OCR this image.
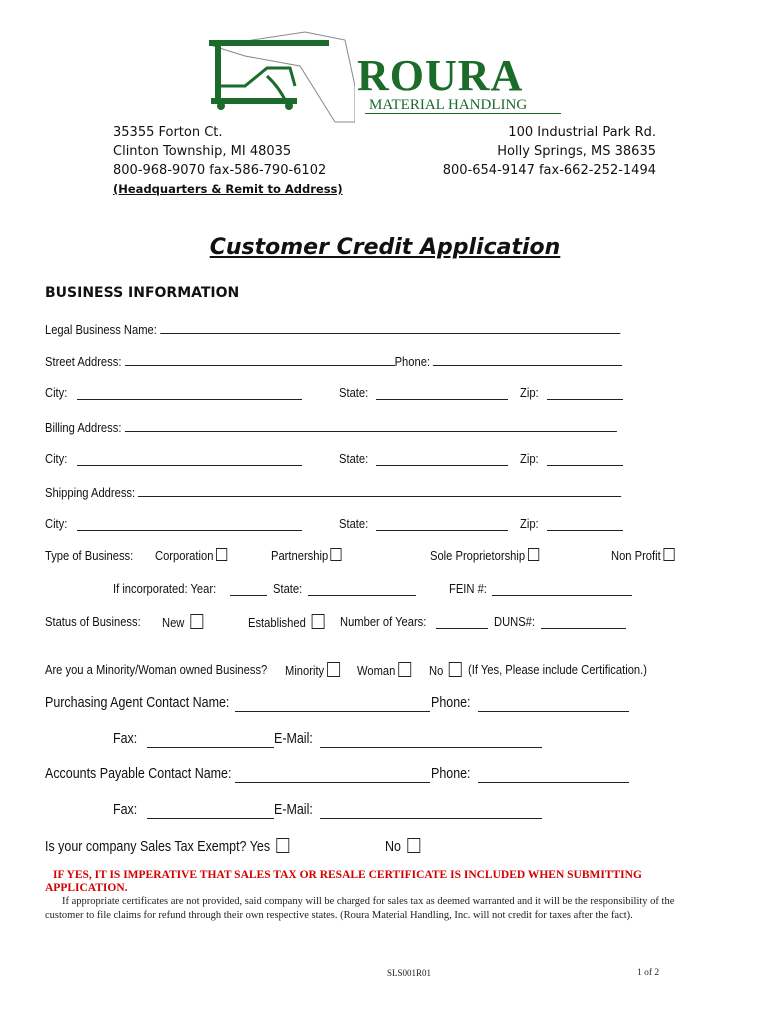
ROURA
MATERIAL HANDLING
35355 Forton Ct.
Clinton Township, MI 48035
800-968-9070 fax-586-790-6102
(Headquarters & Remit to Address)
100 Industrial Park Rd.
Holly Springs, MS 38635
800-654-9147 fax-662-252-1494
Customer Credit Application
BUSINESS INFORMATION
Legal Business Name:
Street Address:	Phone:
City:	State:	Zip:
Billing Address:
City:	State:	Zip:
Shipping Address:
City:	State:	Zip:
Type of Business: Corporation	Partnership	Sole Proprietorship	Non Profit
If incorporated: Year:	State:	FEIN #:
Status of Business: New	Established	Number of Years:	DUNS#:
Are you a Minority/Woman owned Business? Minority	Woman	No	(If Yes, Please include Certification.)
Purchasing Agent Contact Name:	Phone:
Fax:	E-Mail:
Accounts Payable Contact Name:	Phone:
Fax:	E-Mail:
Is your company Sales Tax Exempt? Yes	No
IF YES, IT IS IMPERATIVE THAT SALES TAX OR RESALE CERTIFICATE IS INCLUDED WHEN SUBMITTING APPLICATION.
If appropriate certificates are not provided, said company will be charged for sales tax as deemed warranted and it will be the responsibility of the customer to file claims for refund through their own respective states. (Roura Material Handling, Inc. will not credit for taxes after the fact).
SLS001R01	1 of 2
